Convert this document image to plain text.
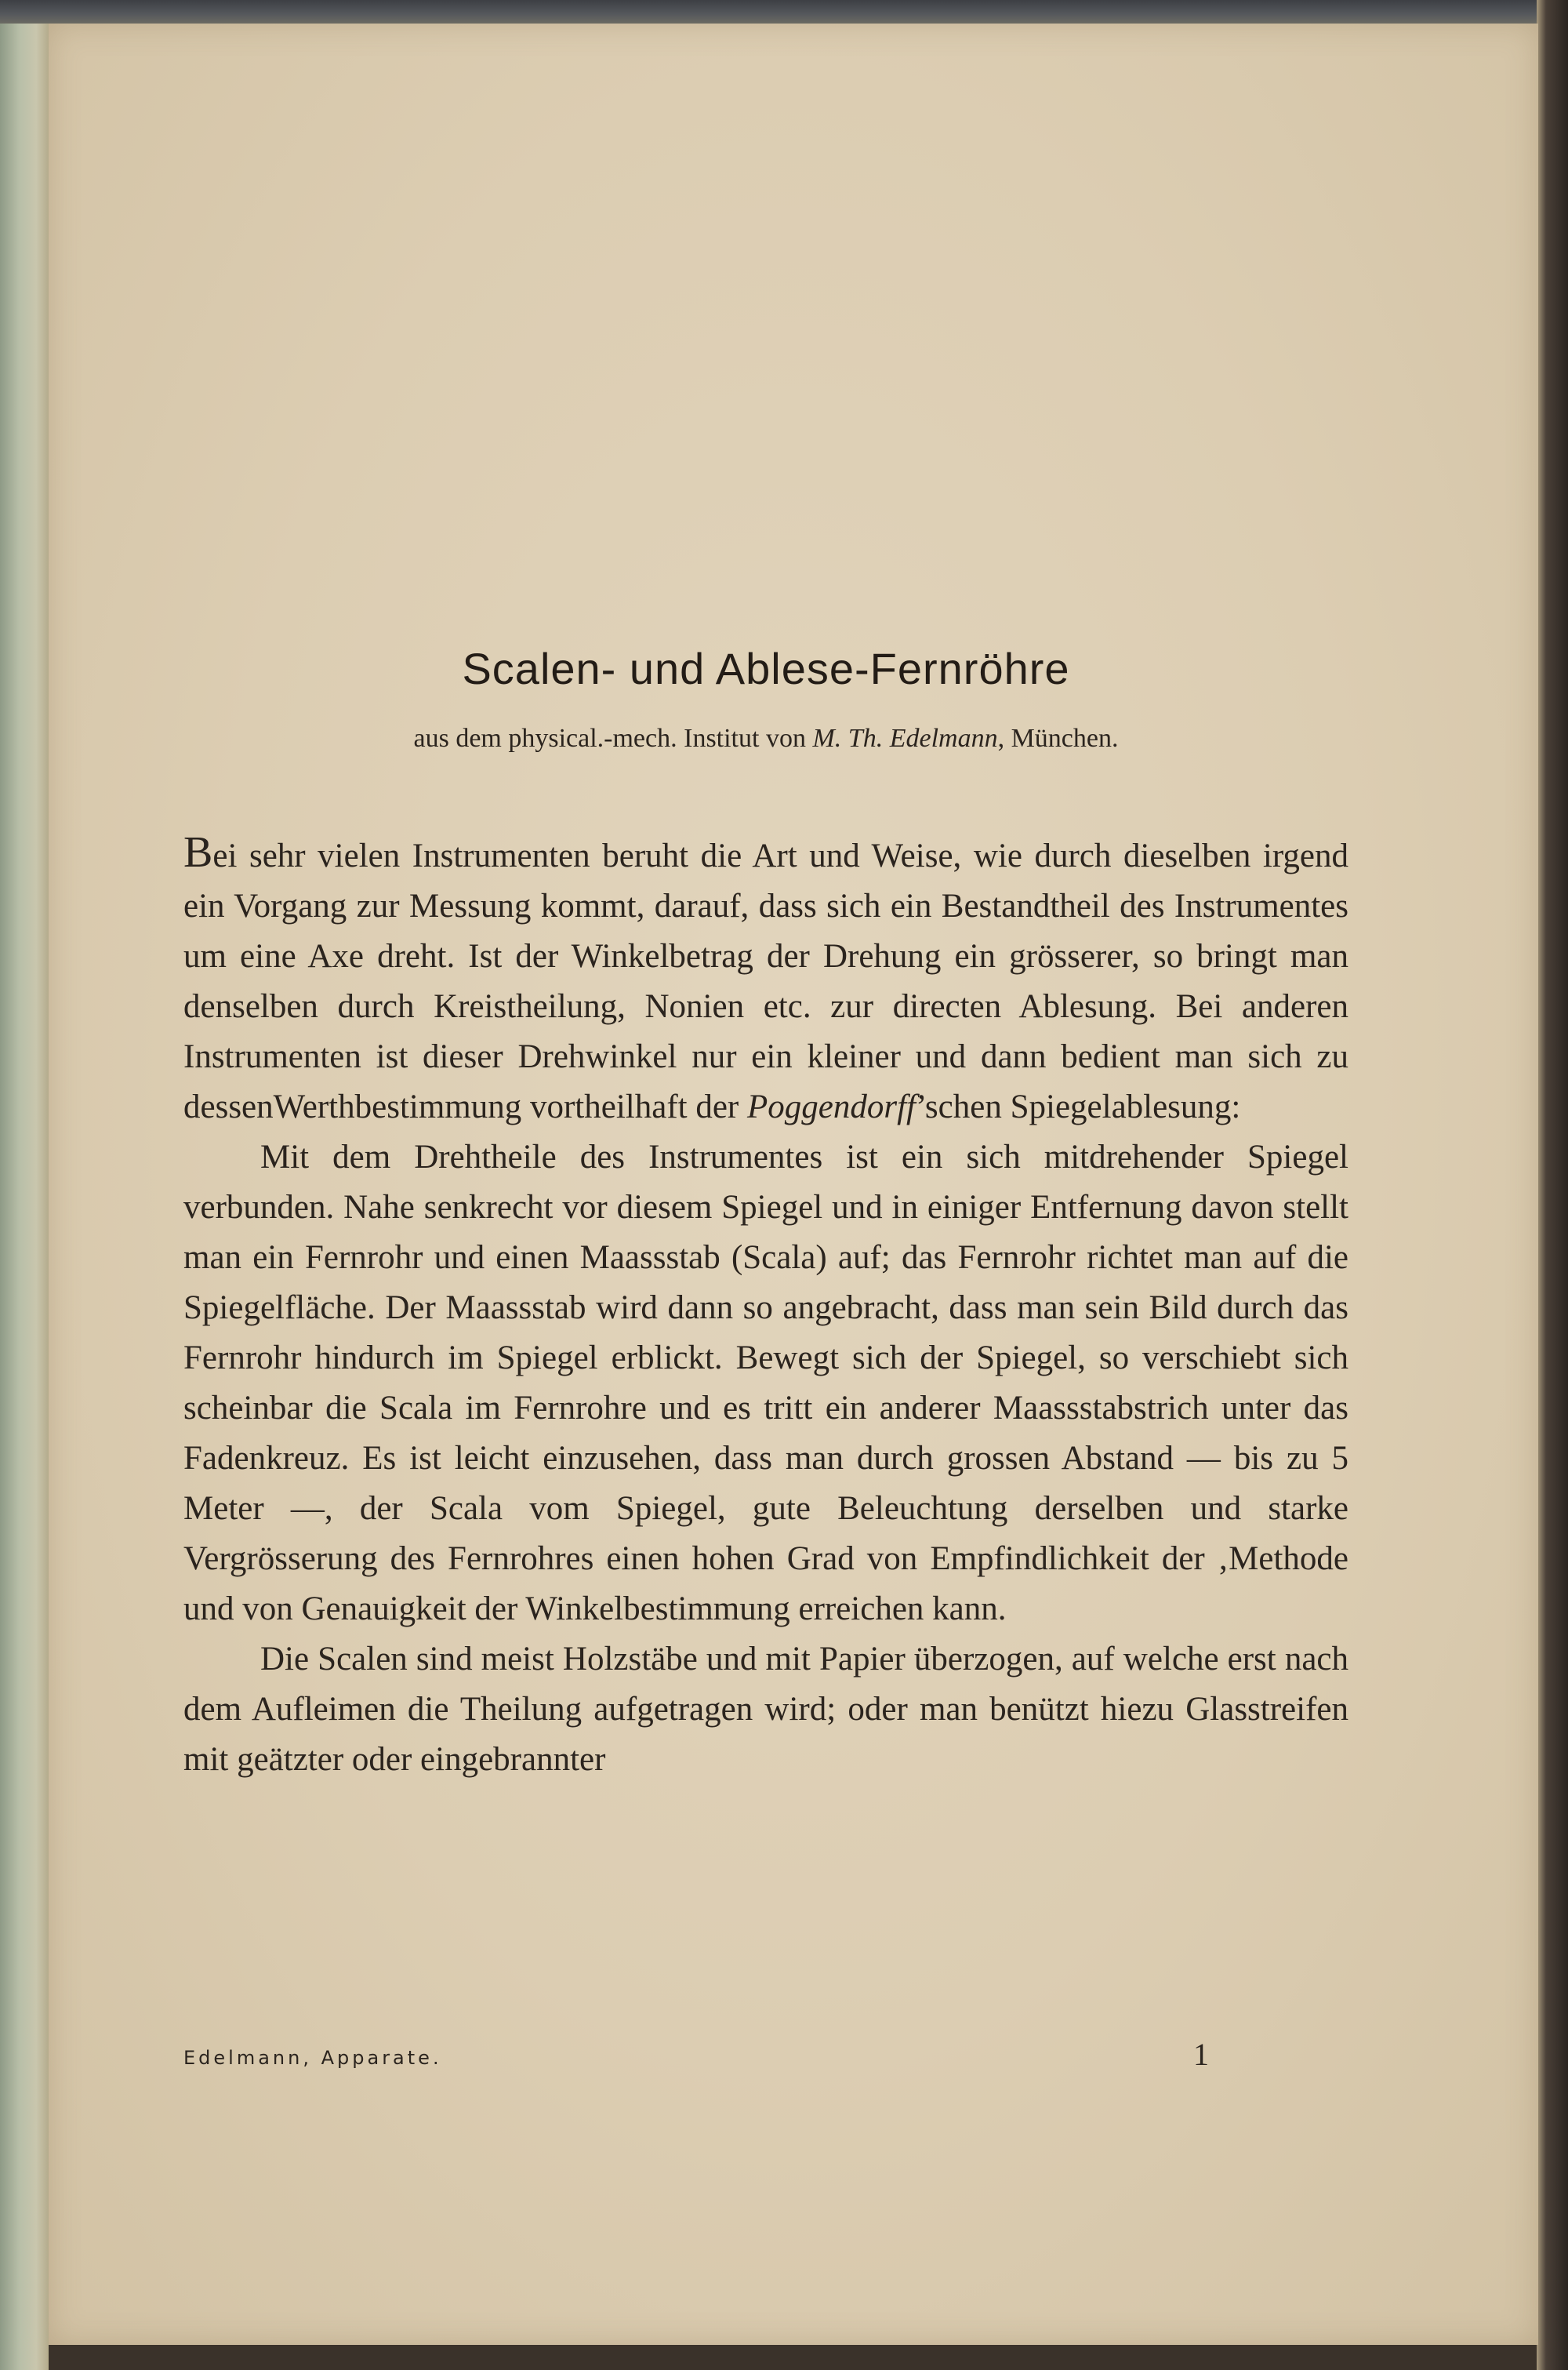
Scalen- und Ablese-Fernröhre
aus dem physical.-mech. Institut von M. Th. Edelmann, München.

Bei sehr vielen Instrumenten beruht die Art und Weise, wie durch dieselben irgend ein Vorgang zur Messung kommt, darauf, dass sich ein Bestandtheil des Instrumentes um eine Axe dreht. Ist der Winkelbetrag der Drehung ein grösserer, so bringt man denselben durch Kreistheilung, Nonien etc. zur directen Ablesung. Bei anderen Instrumenten ist dieser Drehwinkel nur ein kleiner und dann bedient man sich zu dessenWerthbestimmung vortheilhaft der Poggendorff’schen Spiegelablesung:

Mit dem Drehtheile des Instrumentes ist ein sich mitdrehender Spiegel verbunden. Nahe senkrecht vor diesem Spiegel und in einiger Entfernung davon stellt man ein Fernrohr und einen Maassstab (Scala) auf; das Fernrohr richtet man auf die Spiegelfläche. Der Maassstab wird dann so angebracht, dass man sein Bild durch das Fernrohr hindurch im Spiegel erblickt. Bewegt sich der Spiegel, so verschiebt sich scheinbar die Scala im Fernrohre und es tritt ein anderer Maassstabstrich unter das Fadenkreuz. Es ist leicht einzusehen, dass man durch grossen Abstand — bis zu 5 Meter —, der Scala vom Spiegel, gute Beleuchtung derselben und starke Vergrösserung des Fernrohres einen hohen Grad von Empfindlichkeit der ‚Methode und von Genauigkeit der Winkelbestimmung erreichen kann.

Die Scalen sind meist Holzstäbe und mit Papier überzogen, auf welche erst nach dem Aufleimen die Theilung aufgetragen wird; oder man benützt hiezu Glasstreifen mit geätzter oder eingebrannter

Edelmann, Apparate.	1
